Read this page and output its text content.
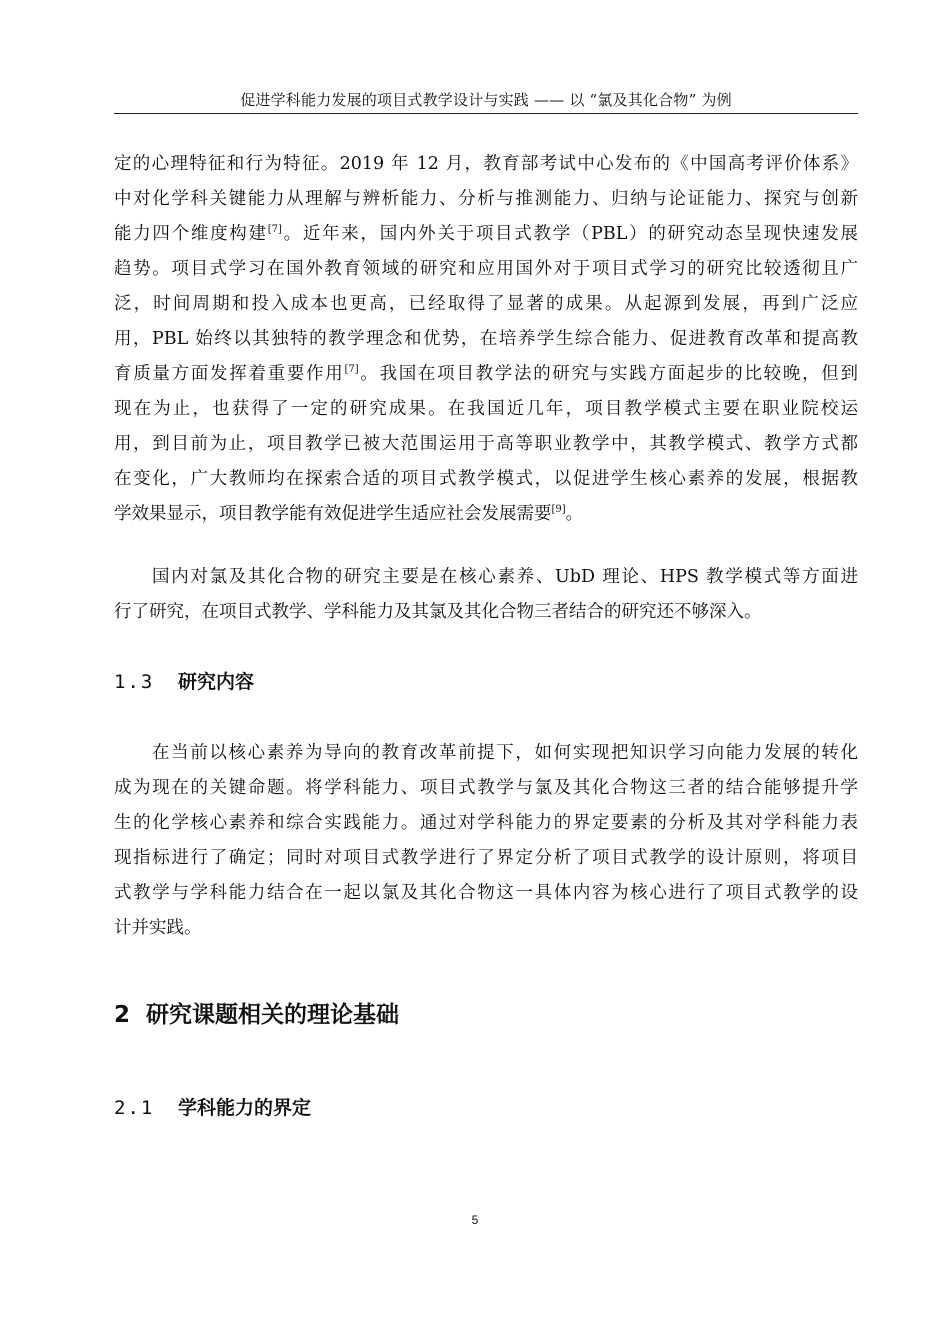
促进学科能力发展的项目式教学设计与实践 —— 以 “氯及其化合物” 为例
定的心理特征和行为特征。2019 年 12 月，教育部考试中心发布的《中国高考评价体系》
中对化学科关键能力从理解与辨析能力、分析与推测能力、归纳与论证能力、探究与创新
能力四个维度构建[7]。近年来，国内外关于项目式教学（PBL）的研究动态呈现快速发展
趋势。项目式学习在国外教育领域的研究和应用国外对于项目式学习的研究比较透彻且广
泛，时间周期和投入成本也更高，已经取得了显著的成果。从起源到发展，再到广泛应
用，PBL 始终以其独特的教学理念和优势，在培养学生综合能力、促进教育改革和提高教
育质量方面发挥着重要作用[7]。我国在项目教学法的研究与实践方面起步的比较晚，但到
现在为止，也获得了一定的研究成果。在我国近几年，项目教学模式主要在职业院校运
用，到目前为止，项目教学已被大范围运用于高等职业教学中，其教学模式、教学方式都
在变化，广大教师均在探索合适的项目式教学模式，以促进学生核心素养的发展，根据教
学效果显示，项目教学能有效促进学生适应社会发展需要[9]。
国内对氯及其化合物的研究主要是在核心素养、UbD 理论、HPS 教学模式等方面进
行了研究，在项目式教学、学科能力及其氯及其化合物三者结合的研究还不够深入。
1.3 研究内容
在当前以核心素养为导向的教育改革前提下，如何实现把知识学习向能力发展的转化
成为现在的关键命题。将学科能力、项目式教学与氯及其化合物这三者的结合能够提升学
生的化学核心素养和综合实践能力。通过对学科能力的界定要素的分析及其对学科能力表
现指标进行了确定；同时对项目式教学进行了界定分析了项目式教学的设计原则，将项目
式教学与学科能力结合在一起以氯及其化合物这一具体内容为核心进行了项目式教学的设
计并实践。
2 研究课题相关的理论基础
2.1 学科能力的界定
5
